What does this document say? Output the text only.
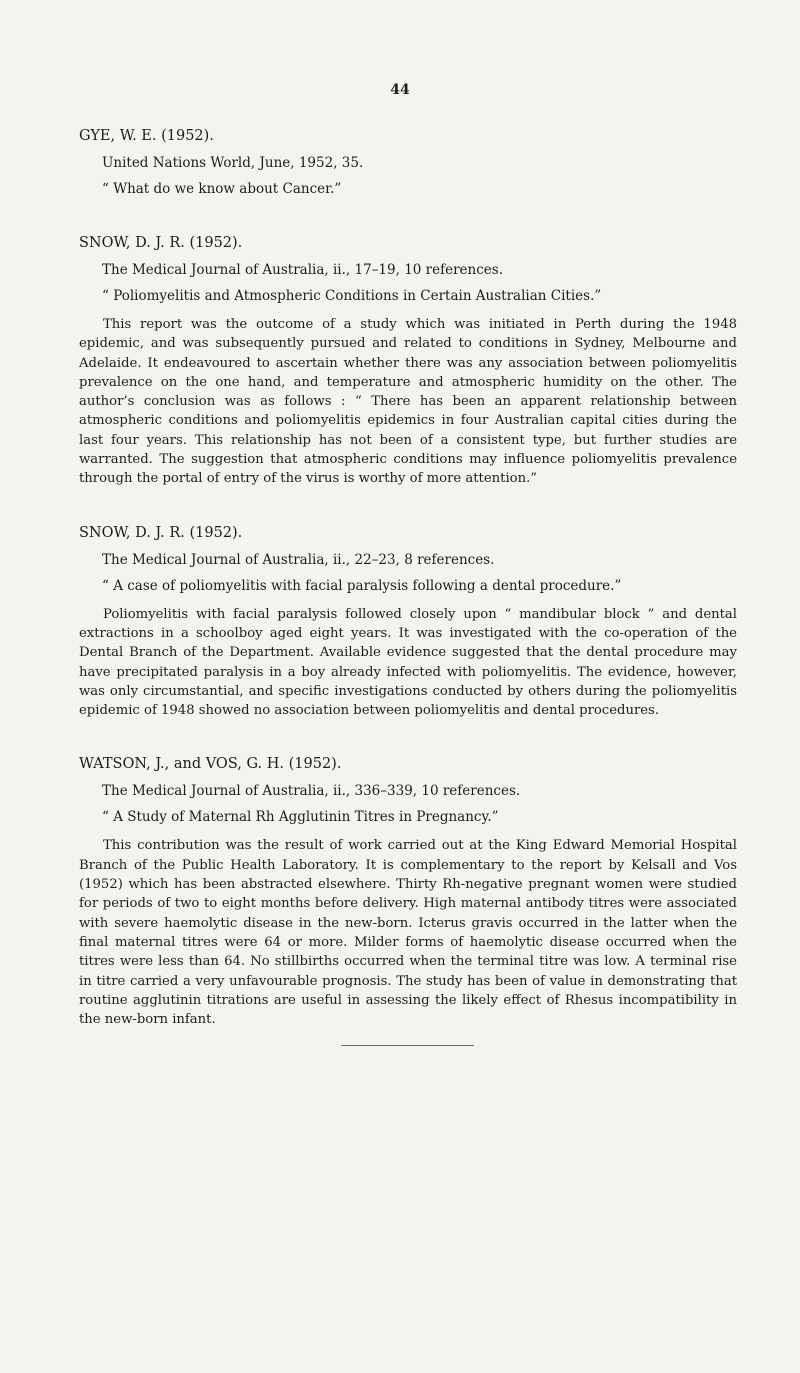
44

GYE, W. E. (1952).

United Nations World, June, 1952, 35.

“ What do we know about Cancer.”

SNOW, D. J. R. (1952).

The Medical Journal of Australia, ii., 17–19, 10 references.

“ Poliomyelitis and Atmospheric Conditions in Certain Australian Cities.”

This report was the outcome of a study which was initiated in Perth during the 1948 epidemic, and was subsequently pursued and related to conditions in Sydney, Melbourne and Adelaide. It endeavoured to ascertain whether there was any association between poliomyelitis prevalence on the one hand, and temperature and atmospheric humidity on the other. The author’s conclusion was as follows : “ There has been an apparent relationship between atmospheric conditions and poliomyelitis epidemics in four Australian capital cities during the last four years. This relationship has not been of a consistent type, but further studies are warranted. The suggestion that atmospheric conditions may influence poliomyelitis prevalence through the portal of entry of the virus is worthy of more attention.”

SNOW, D. J. R. (1952).

The Medical Journal of Australia, ii., 22–23, 8 references.

“ A case of poliomyelitis with facial paralysis following a dental procedure.”

Poliomyelitis with facial paralysis followed closely upon “ mandibular block ” and dental extractions in a schoolboy aged eight years. It was investigated with the co-operation of the Dental Branch of the Department. Available evidence suggested that the dental procedure may have precipitated paralysis in a boy already infected with poliomyelitis. The evidence, however, was only circumstantial, and specific investigations conducted by others during the poliomyelitis epidemic of 1948 showed no association between poliomyelitis and dental procedures.

WATSON, J., and VOS, G. H. (1952).

The Medical Journal of Australia, ii., 336–339, 10 references.

“ A Study of Maternal Rh Agglutinin Titres in Pregnancy.”

This contribution was the result of work carried out at the King Edward Memorial Hospital Branch of the Public Health Laboratory. It is complementary to the report by Kelsall and Vos (1952) which has been abstracted elsewhere. Thirty Rh-negative pregnant women were studied for periods of two to eight months before delivery. High maternal antibody titres were associated with severe haemolytic disease in the new-born. Icterus gravis occurred in the latter when the final maternal titres were 64 or more. Milder forms of haemolytic disease occurred when the titres were less than 64. No stillbirths occurred when the terminal titre was low. A terminal rise in titre carried a very unfavourable prognosis. The study has been of value in demonstrating that routine agglutinin titrations are useful in assessing the likely effect of Rhesus incompatibility in the new-born infant.
